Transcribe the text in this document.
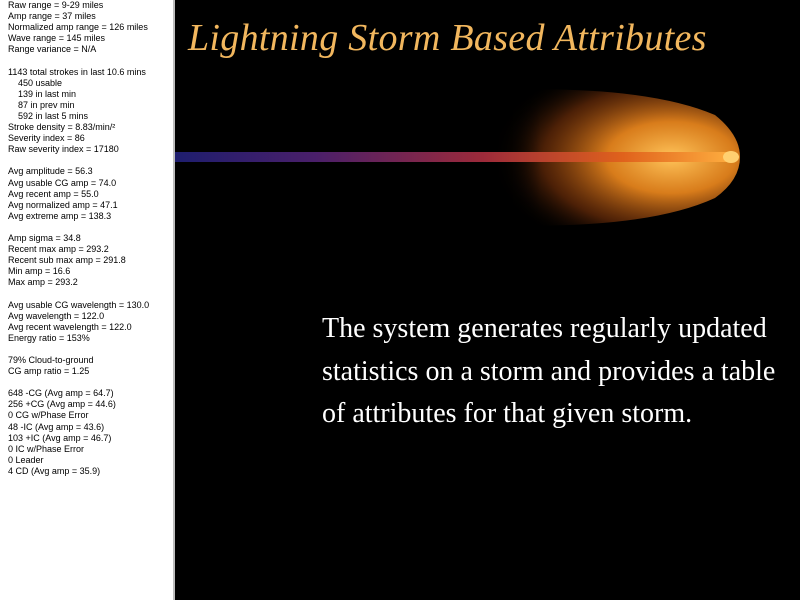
Raw range = 9-29 miles
Amp range = 37 miles
Normalized amp range = 126 miles
Wave range = 145 miles
Range variance = N/A
1143 total strokes in last 10.6 mins
450 usable
139 in last min
87 in prev min
592 in last 5 mins
Stroke density = 8.83/min/²
Severity index = 86
Raw severity index = 17180
Avg amplitude = 56.3
Avg usable CG amp = 74.0
Avg recent amp = 55.0
Avg normalized amp = 47.1
Avg extreme amp = 138.3
Amp sigma = 34.8
Recent max amp = 293.2
Recent sub max amp = 291.8
Min amp = 16.6
Max amp = 293.2
Avg usable CG wavelength = 130.0
Avg wavelength = 122.0
Avg recent wavelength = 122.0
Energy ratio = 153%
79% Cloud-to-ground
CG amp ratio = 1.25
648 -CG (Avg amp = 64.7)
256 +CG (Avg amp = 44.6)
0 CG w/Phase Error
48 -IC (Avg amp = 43.6)
103 +IC (Avg amp = 46.7)
0 IC w/Phase Error
0 Leader
4 CD (Avg amp = 35.9)
Lightning Storm Based Attributes

The system generates regularly updated statistics on a storm and provides a table of attributes for that given storm.
